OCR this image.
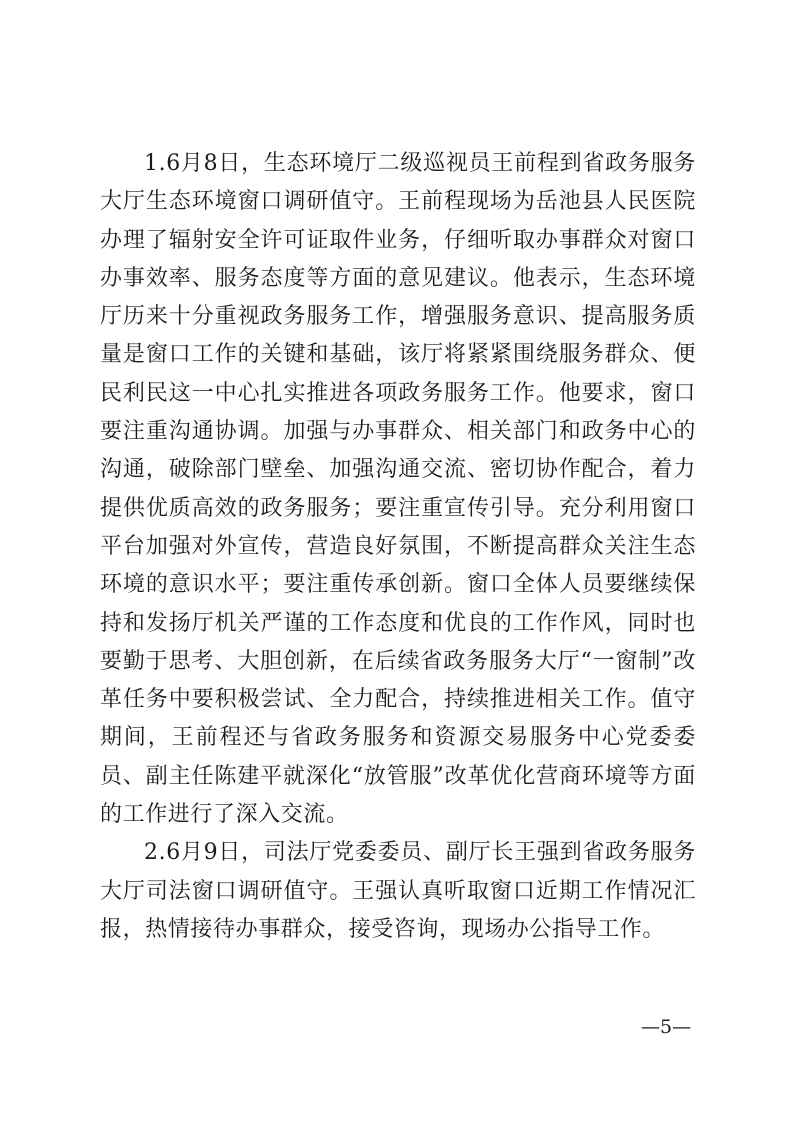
1.6月8日，生态环境厅二级巡视员王前程到省政务服务大厅生态环境窗口调研值守。王前程现场为岳池县人民医院办理了辐射安全许可证取件业务，仔细听取办事群众对窗口办事效率、服务态度等方面的意见建议。他表示，生态环境厅历来十分重视政务服务工作，增强服务意识、提高服务质量是窗口工作的关键和基础，该厅将紧紧围绕服务群众、便民利民这一中心扎实推进各项政务服务工作。他要求，窗口要注重沟通协调。加强与办事群众、相关部门和政务中心的沟通，破除部门壁垒、加强沟通交流、密切协作配合，着力提供优质高效的政务服务；要注重宣传引导。充分利用窗口平台加强对外宣传，营造良好氛围，不断提高群众关注生态环境的意识水平；要注重传承创新。窗口全体人员要继续保持和发扬厅机关严谨的工作态度和优良的工作作风，同时也要勤于思考、大胆创新，在后续省政务服务大厅“一窗制”改革任务中要积极尝试、全力配合，持续推进相关工作。值守期间，王前程还与省政务服务和资源交易服务中心党委委员、副主任陈建平就深化“放管服”改革优化营商环境等方面的工作进行了深入交流。

2.6月9日，司法厅党委委员、副厅长王强到省政务服务大厅司法窗口调研值守。王强认真听取窗口近期工作情况汇报，热情接待办事群众，接受咨询，现场办公指导工作。

—5—
